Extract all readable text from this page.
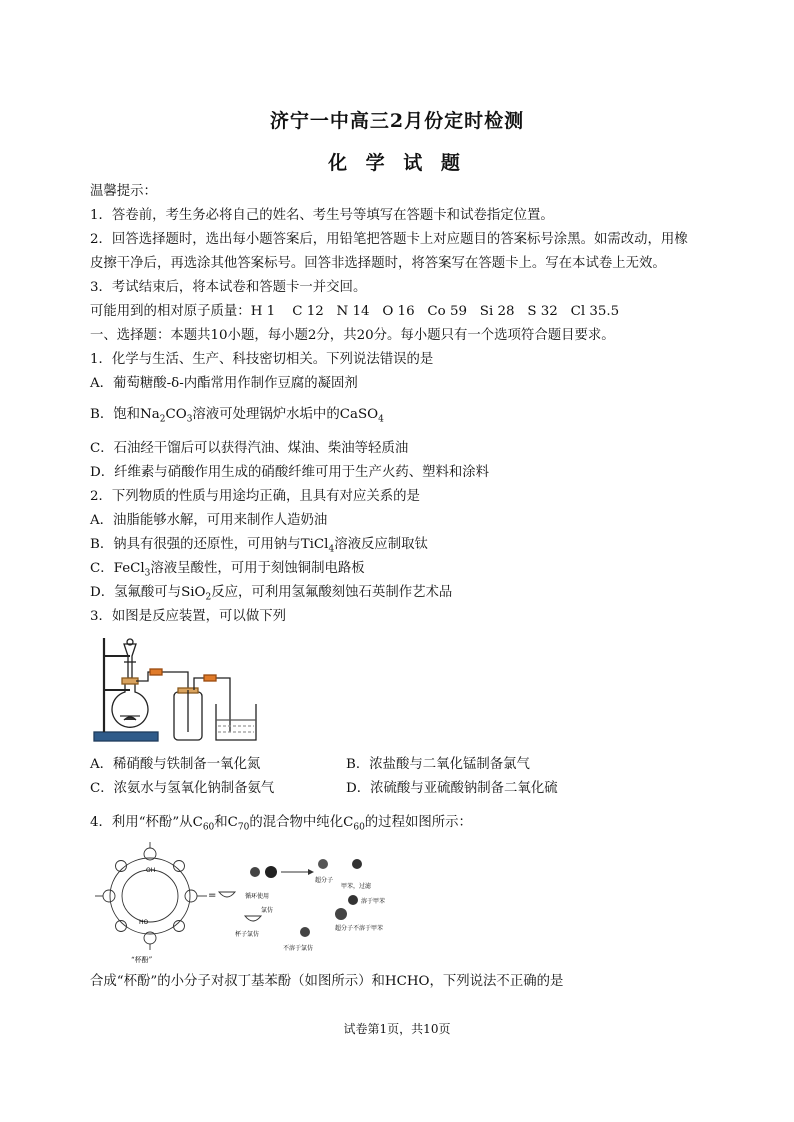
济宁一中高三2月份定时检测
化 学 试 题
温馨提示：
1．答卷前，考生务必将自己的姓名、考生号等填写在答题卡和试卷指定位置。
2．回答选择题时，选出每小题答案后，用铅笔把答题卡上对应题目的答案标号涂黑。如需改动，用橡
皮擦干净后，再选涂其他答案标号。回答非选择题时，将答案写在答题卡上。写在本试卷上无效。
3．考试结束后，将本试卷和答题卡一并交回。
可能用到的相对原子质量：H 1 C 12 N 14 O 16 Co 59 Si 28 S 32 Cl 35.5
一、选择题：本题共10小题，每小题2分，共20分。每小题只有一个选项符合题目要求。
1．化学与生活、生产、科技密切相关。下列说法错误的是
A．葡萄糖酸-δ-内酯常用作制作豆腐的凝固剂
B．饱和$Na_2CO_3$溶液可处理锅炉水垢中的CaSO$_4$
C．石油经干馏后可以获得汽油、煤油、柴油等轻质油
D．纤维素与硝酸作用生成的硝酸纤维可用于生产火药、塑料和涂料
2．下列物质的性质与用途均正确，且具有对应关系的是
A．油脂能够水解，可用来制作人造奶油
B．钠具有很强的还原性，可用钠与TiCl$_4$溶液反应制取钛
C．FeCl$_3$溶液呈酸性，可用于刻蚀铜制电路板
D．氢氟酸可与SiO$_2$反应，可利用氢氟酸刻蚀石英制作艺术品
3．如图是反应装置，可以做下列
A．稀硝酸与铁制备一氧化氮	B．浓盐酸与二氧化锰制备氯气
C．浓氨水与氢氧化钠制备氨气	D．浓硫酸与亚硫酸钠制备二氧化硫
4．利用“杯酚”从$C_{60}$和$C_{70}$的混合物中纯化$C_{60}$的过程如图所示：
OH
HO
“杯酚”
=
超分子
甲苯，过滤
溶于甲苯
超分子不溶于甲苯
循环使用
氯仿
杯子氯仿
不溶于氯仿
合成“杯酚”的小分子对叔丁基苯酚（如图所示）和HCHO，下列说法不正确的是
试卷第1页，共10页
